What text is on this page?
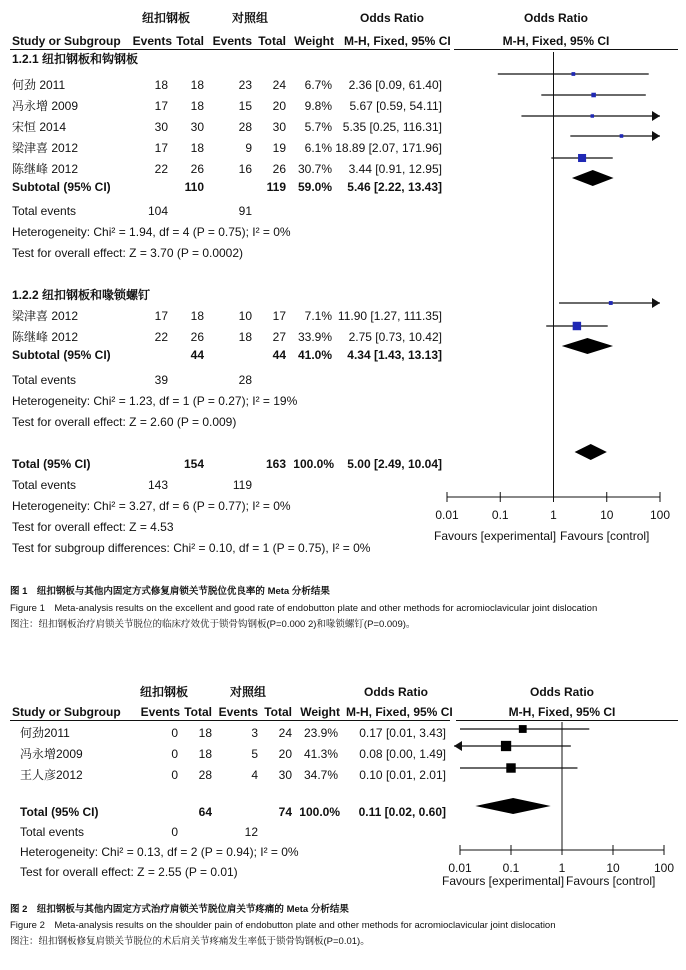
纽扣钢板	对照组	Odds Ratio	Odds Ratio
Study or Subgroup Events Total Events Total Weight M-H, Fixed, 95% CI	M-H, Fixed, 95% CI
1.2.1 纽扣钢板和钩钢板
何劲 2011	18	18	23	24	6.7%	2.36 [0.09, 61.40]
冯永增 2009	17	18	15	20	9.8%	5.67 [0.59, 54.11]
宋恒 2014	30	30	28	30	5.7% 5.35 [0.25, 116.31]
梁津喜 2012	17	18	9	19	6.1% 18.89 [2.07, 171.96]
陈继峰 2012	22	26	16	26 30.7%	3.44 [0.91, 12.95]
Subtotal (95% CI)	110	119 59.0%	5.46 [2.22, 13.43]
Total events	104	91
Heterogeneity: Chi² = 1.94, df = 4 (P = 0.75); I² = 0%
Test for overall effect: Z = 3.70 (P = 0.0002)
1.2.2 纽扣钢板和喙锁螺钉
梁津喜 2012	17	18	10	17	7.1% 11.90 [1.27, 111.35]
陈继峰 2012	22	26	18	27 33.9%	2.75 [0.73, 10.42]
Subtotal (95% CI)	44	44 41.0%	4.34 [1.43, 13.13]
Total events	39	28
Heterogeneity: Chi² = 1.23, df = 1 (P = 0.27); I² = 19%
Test for overall effect: Z = 2.60 (P = 0.009)
Total (95% CI)	154	163 100.0%	5.00 [2.49, 10.04]
Total events	143	119
Heterogeneity: Chi² = 3.27, df = 6 (P = 0.77); I² = 0%
Test for overall effect: Z = 4.53
Test for subgroup differences: Chi² = 0.10, df = 1 (P = 0.75), I² = 0%
Favours [experimental] Favours [control]
图 1　纽扣钢板与其他内固定方式修复肩锁关节脱位优良率的 Meta 分析结果
Figure 1　Meta-analysis results on the excellent and good rate of endobutton plate and other methods for acromioclavicular joint dislocation
图注：纽扣钢板治疗肩锁关节脱位的临床疗效优于锁骨钩钢板(P=0.000 2)和喙锁螺钉(P=0.009)。
0.01	0.1	1	10	100
0.01	0.1	1	10	100
纽扣钢板	对照组	Odds Ratio	Odds Ratio
Study or Subgroup	Events Total Events Total Weight M-H, Fixed, 95% CI	M-H, Fixed, 95% CI
何劲2011	0	18	3	24 23.9%	0.17 [0.01, 3.43]
冯永增2009	0	18	5	20 41.3%	0.08 [0.00, 1.49]
王人彦2012	0	28	4	30 34.7%	0.10 [0.01, 2.01]
Total (95% CI)	64	74 100.0%	0.11 [0.02, 0.60]
Total events	0	12
Heterogeneity: Chi² = 0.13, df = 2 (P = 0.94); I² = 0%
Test for overall effect: Z = 2.55 (P = 0.01)
Favours [experimental] Favours [control]
图 2　纽扣钢板与其他内固定方式治疗肩锁关节脱位肩关节疼痛的 Meta 分析结果
Figure 2　Meta-analysis results on the shoulder pain of endobutton plate and other methods for acromioclavicular joint dislocation
图注：纽扣钢板修复肩锁关节脱位的术后肩关节疼痛发生率低于锁骨钩钢板(P=0.01)。
